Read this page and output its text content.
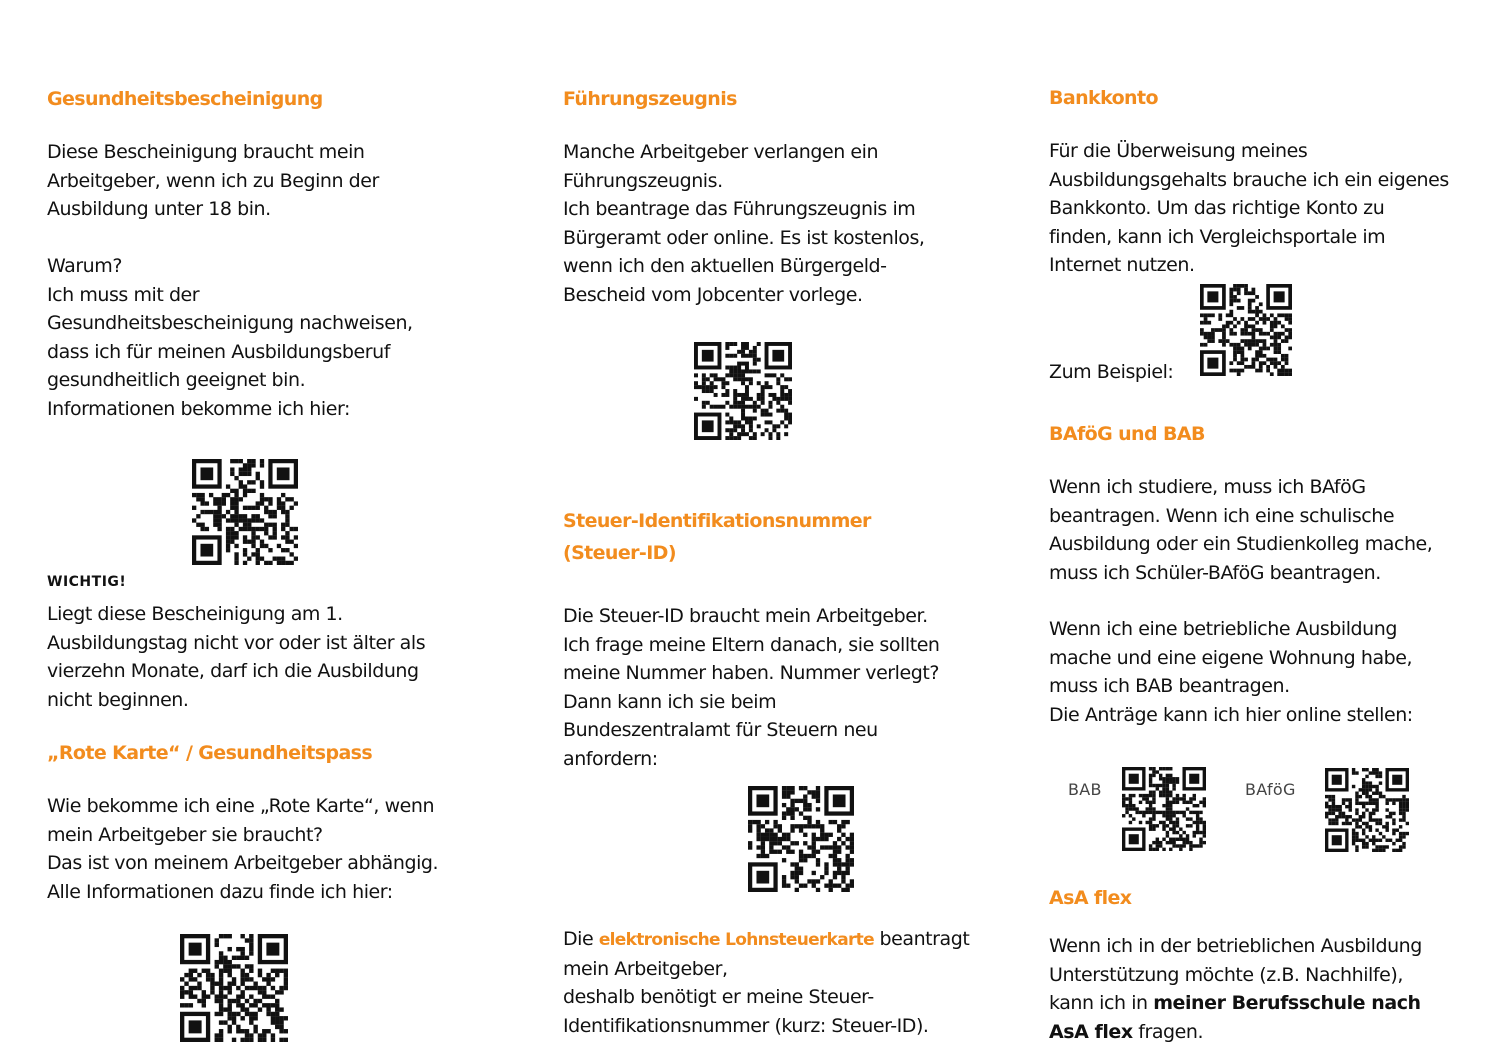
Gesundheitsbescheinigung

Diese Bescheinigung braucht mein
Arbeitgeber, wenn ich zu Beginn der
Ausbildung unter 18 bin.

Warum?
Ich muss mit der
Gesundheitsbescheinigung nachweisen,
dass ich für meinen Ausbildungsberuf
gesundheitlich geeignet bin.
Informationen bekomme ich hier:

WICHTIG!

Liegt diese Bescheinigung am 1.
Ausbildungstag nicht vor oder ist älter als
vierzehn Monate, darf ich die Ausbildung
nicht beginnen.

„Rote Karte“ / Gesundheitspass

Wie bekomme ich eine „Rote Karte“, wenn
mein Arbeitgeber sie braucht?
Das ist von meinem Arbeitgeber abhängig.
Alle Informationen dazu finde ich hier:

Führungszeugnis

Manche Arbeitgeber verlangen ein
Führungszeugnis.
Ich beantrage das Führungszeugnis im
Bürgeramt oder online. Es ist kostenlos,
wenn ich den aktuellen Bürgergeld-
Bescheid vom Jobcenter vorlege.

Steuer-Identifikationsnummer
(Steuer-ID)

Die Steuer-ID braucht mein Arbeitgeber.
Ich frage meine Eltern danach, sie sollten
meine Nummer haben. Nummer verlegt?
Dann kann ich sie beim
Bundeszentralamt für Steuern neu
anfordern:

Die elektronische Lohnsteuerkarte beantragt
mein Arbeitgeber,
deshalb benötigt er meine Steuer-
Identifikationsnummer (kurz: Steuer-ID).

Bankkonto

Für die Überweisung meines
Ausbildungsgehalts brauche ich ein eigenes
Bankkonto. Um das richtige Konto zu
finden, kann ich Vergleichsportale im
Internet nutzen.

Zum Beispiel:

BAföG und BAB

Wenn ich studiere, muss ich BAföG
beantragen. Wenn ich eine schulische
Ausbildung oder ein Studienkolleg mache,
muss ich Schüler-BAföG beantragen.

Wenn ich eine betriebliche Ausbildung
mache und eine eigene Wohnung habe,
muss ich BAB beantragen.
Die Anträge kann ich hier online stellen:

BAB	BAföG

AsA flex

Wenn ich in der betrieblichen Ausbildung
Unterstützung möchte (z.B. Nachhilfe),
kann ich in meiner Berufsschule nach
AsA flex fragen.
